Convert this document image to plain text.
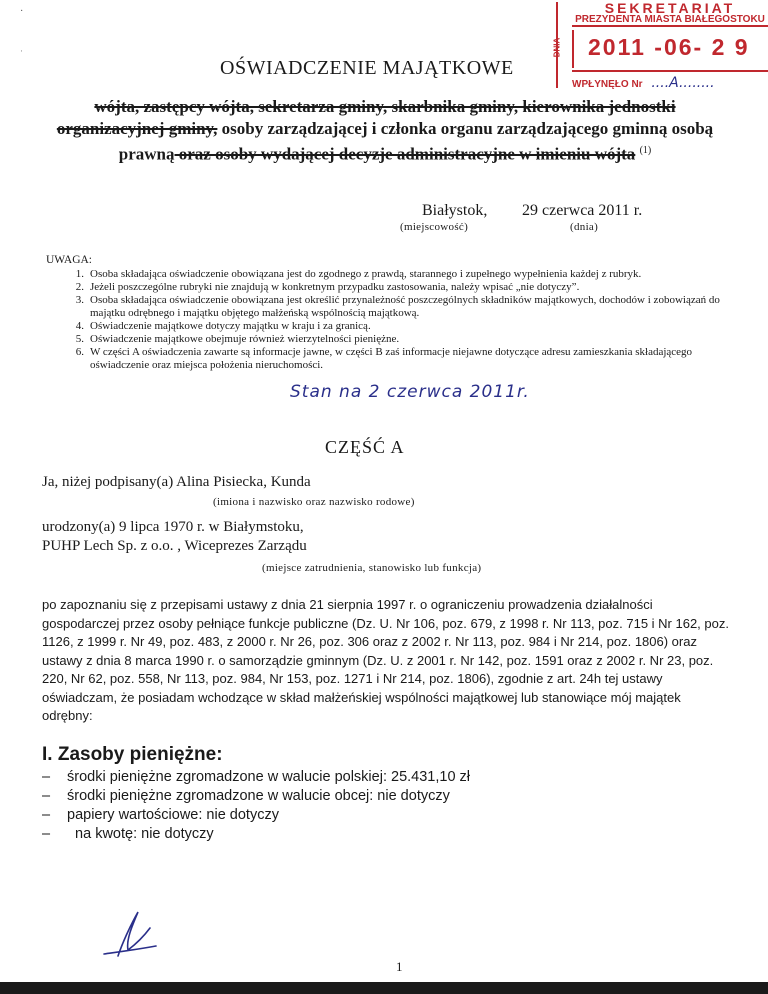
·
·
SEKRETARIAT
PREZYDENTA MIASTA BIAŁEGOSTOKU
DNIA 2011 -06- 2 9
WPŁYNĘŁO Nr ....A........
OŚWIADCZENIE MAJĄTKOWE
wójta, zastępcy wójta, sekretarza gminy, skarbnika gminy, kierownika jednostki organizacyjnej gminy, osoby zarządzającej i członka organu zarządzającego gminną osobą prawną oraz osoby wydającej decyzje administracyjne w imieniu wójta $^{(1)}$
Białystok, 29 czerwca 2011 r.
(miejscowość)	(dnia)
UWAGA:
1. Osoba składająca oświadczenie obowiązana jest do zgodnego z prawdą, starannego i zupełnego wypełnienia każdej z rubryk.
2. Jeżeli poszczególne rubryki nie znajdują w konkretnym przypadku zastosowania, należy wpisać „nie dotyczy”.
3. Osoba składająca oświadczenie obowiązana jest określić przynależność poszczególnych składników majątkowych, dochodów i zobowiązań do majątku odrębnego i majątku objętego małżeńską wspólnością majątkową.
4. Oświadczenie majątkowe dotyczy majątku w kraju i za granicą.
5. Oświadczenie majątkowe obejmuje również wierzytelności pieniężne.
6. W części A oświadczenia zawarte są informacje jawne, w części B zaś informacje niejawne dotyczące adresu zamieszkania składającego oświadczenie oraz miejsca położenia nieruchomości.
Stan na 2 czerwca 2011r.
CZĘŚĆ A
Ja, niżej podpisany(a) Alina Pisiecka, Kunda
(imiona i nazwisko oraz nazwisko rodowe)
urodzony(a) 9 lipca 1970 r. w Białymstoku,
PUHP Lech Sp. z o.o. , Wiceprezes Zarządu
(miejsce zatrudnienia, stanowisko lub funkcja)
po zapoznaniu się z przepisami ustawy z dnia 21 sierpnia 1997 r. o ograniczeniu prowadzenia działalności gospodarczej przez osoby pełniące funkcje publiczne (Dz. U. Nr 106, poz. 679, z 1998 r. Nr 113, poz. 715 i Nr 162, poz. 1126, z 1999 r. Nr 49, poz. 483, z 2000 r. Nr 26, poz. 306 oraz z 2002 r. Nr 113, poz. 984 i Nr 214, poz. 1806) oraz ustawy z dnia 8 marca 1990 r. o samorządzie gminnym (Dz. U. z 2001 r. Nr 142, poz. 1591 oraz z 2002 r. Nr 23, poz. 220, Nr 62, poz. 558, Nr 113, poz. 984, Nr 153, poz. 1271 i Nr 214, poz. 1806), zgodnie z art. 24h tej ustawy oświadczam, że posiadam wchodzące w skład małżeńskiej wspólności majątkowej lub stanowiące mój majątek odrębny:
I. Zasoby pieniężne:
–	środki pieniężne zgromadzone w walucie polskiej: 25.431,10 zł
–	środki pieniężne zgromadzone w walucie obcej: nie dotyczy
–	papiery wartościowe: nie dotyczy
–	na kwotę: nie dotyczy
1
